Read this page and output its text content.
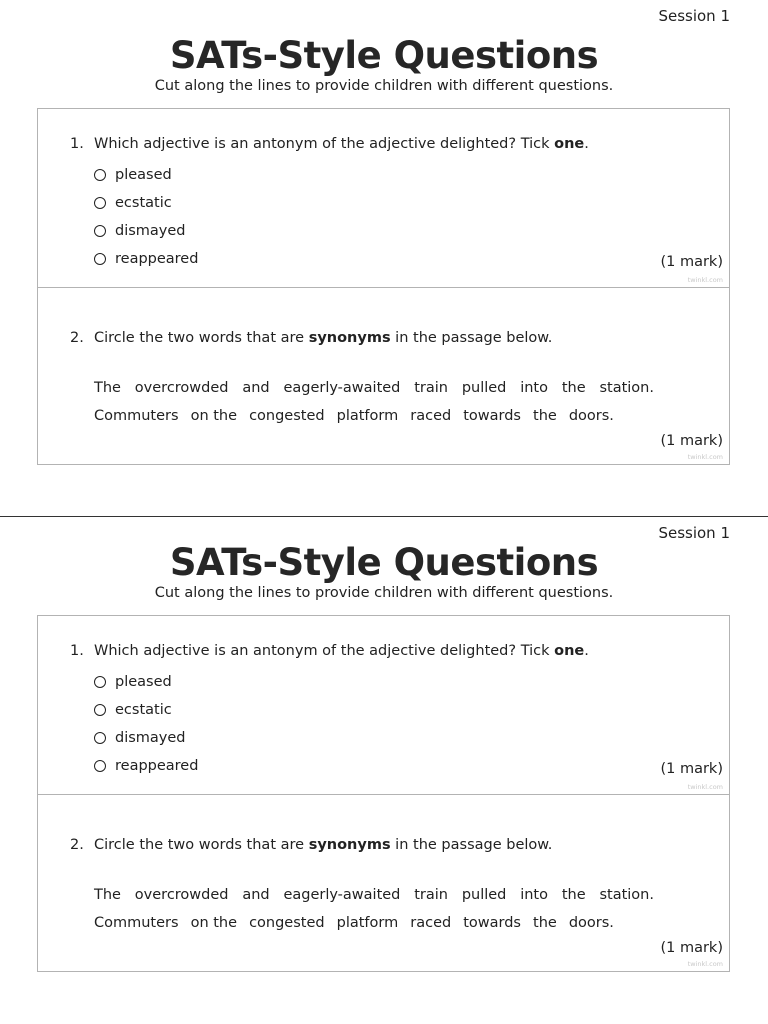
Session 1
SATs-Style Questions
Cut along the lines to provide children with different questions.
1. Which adjective is an antonym of the adjective delighted? Tick one.
pleased
ecstatic
dismayed
reappeared	(1 mark)
twinkl.com
2. Circle the two words that are synonyms in the passage below.
The overcrowded and eagerly-awaited train pulled into the station.
Commuters on the congested platform raced towards the doors.
(1 mark)
twinkl.com
Session 1
SATs-Style Questions
Cut along the lines to provide children with different questions.
1. Which adjective is an antonym of the adjective delighted? Tick one.
pleased
ecstatic
dismayed
reappeared	(1 mark)
twinkl.com
2. Circle the two words that are synonyms in the passage below.
The overcrowded and eagerly-awaited train pulled into the station.
Commuters on the congested platform raced towards the doors.
(1 mark)
twinkl.com
